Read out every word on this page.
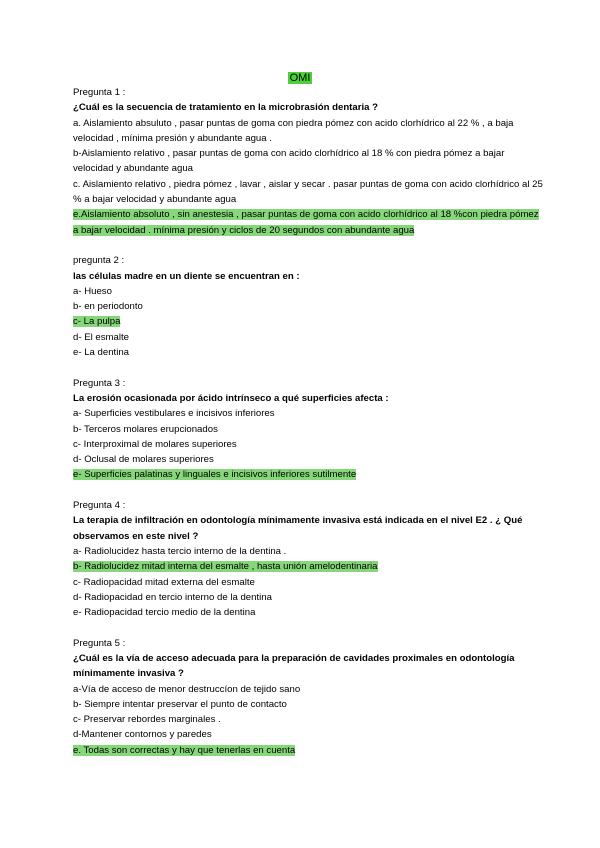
OMI
Pregunta 1 :
¿Cuál es la secuencia de tratamiento en la microbrasión dentaria ?
a. Aislamiento absuluto , pasar puntas de goma con piedra pómez con acido clorhídrico al 22 % , a baja velocidad , mínima presión y abundante agua .
b-Aislamiento relativo , pasar puntas de goma con acido clorhídrico al 18 % con piedra pómez a bajar velocidad y abundante agua
c. Aislamiento relativo , piedra pómez , lavar , aislar y secar . pasar puntas de goma con acido clorhídrico al 25 % a bajar velocidad y abundante agua
e.Aislamiento absoluto , sin anestesia , pasar puntas de goma con acido clorhídrico al 18 %con piedra pómez a bajar velocidad . mínima presión y ciclos de 20 segundos con abundante agua
pregunta 2 :
las células madre en un diente se encuentran en :
a- Hueso
b- en periodonto
c- La pulpa
d- El esmalte
e- La dentina
Pregunta 3 :
La erosión ocasionada por ácido intrínseco a qué superficies afecta :
a- Superficies vestibulares e incisivos inferiores
b- Terceros molares erupcionados
c- Interproximal de molares superiores
d- Oclusal de molares superiores
e- Superficies palatinas y linguales e incisivos inferiores sutilmente
Pregunta 4 :
La terapia de infiltración en odontología mínimamente invasiva está indicada en el nivel E2 . ¿ Qué observamos en este nivel ?
a- Radiolucidez hasta tercio interno de la dentina .
b- Radiolucidez mitad interna del esmalte , hasta unión amelodentinaria
c- Radiopacidad mitad externa del esmalte
d- Radiopacidad en tercio interno de la dentina
e- Radiopacidad tercio medio de la dentina
Pregunta 5 :
¿Cuál es la vía de acceso adecuada para la preparación de cavidades proximales en odontología mínimamente invasiva ?
a-Vía de acceso de menor destruccíon de tejido sano
b- Siempre intentar preservar el punto de contacto
c- Preservar rebordes marginales .
d-Mantener contornos y paredes
e. Todas son correctas y hay que tenerlas en cuenta
